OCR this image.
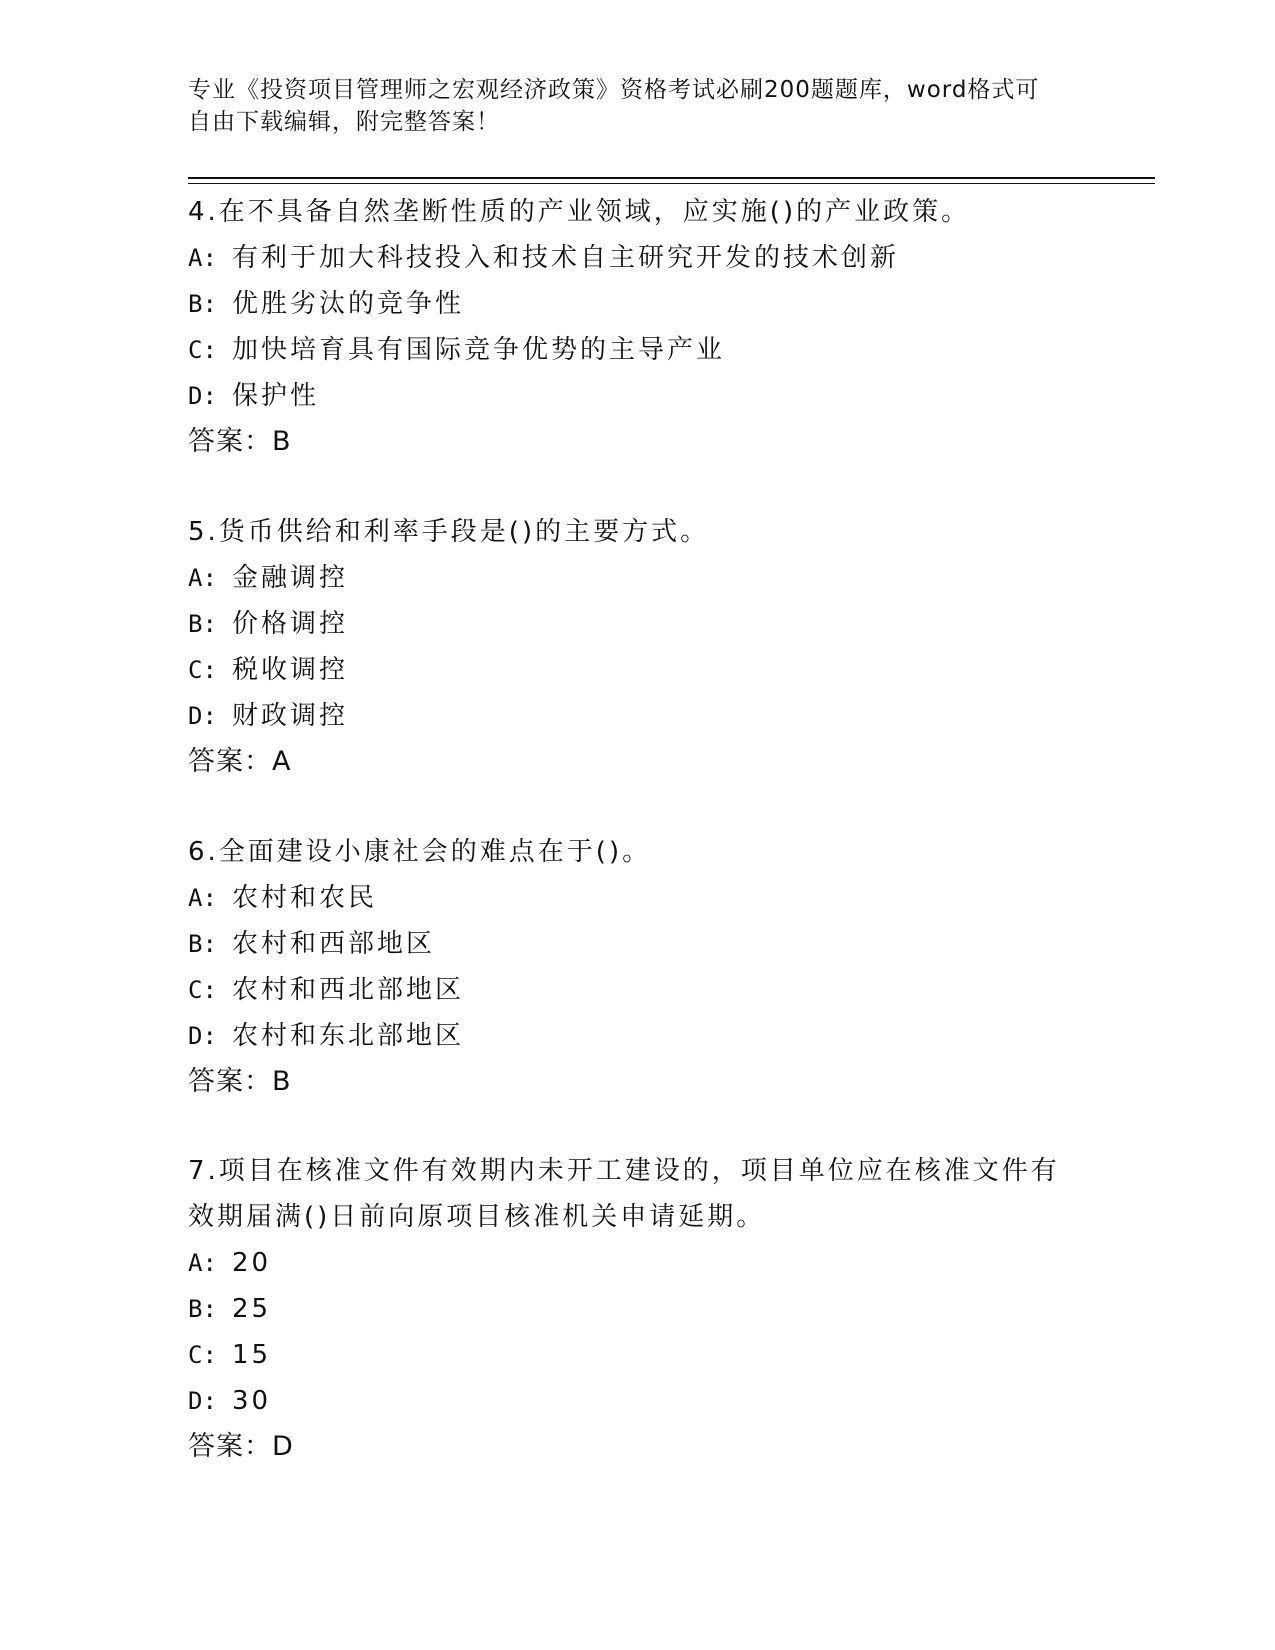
专业《投资项目管理师之宏观经济政策》资格考试必刷200题题库，word格式可
自由下载编辑，附完整答案！

4.在不具备自然垄断性质的产业领域，应实施()的产业政策。

A: 有利于加大科技投入和技术自主研究开发的技术创新

B: 优胜劣汰的竞争性

C: 加快培育具有国际竞争优势的主导产业

D: 保护性

答案：B

5.货币供给和利率手段是()的主要方式。

A: 金融调控

B: 价格调控

C: 税收调控

D: 财政调控

答案：A

6.全面建设小康社会的难点在于()。

A: 农村和农民

B: 农村和西部地区

C: 农村和西北部地区

D: 农村和东北部地区

答案：B

7.项目在核准文件有效期内未开工建设的，项目单位应在核准文件有

效期届满()日前向原项目核准机关申请延期。

A: 20

B: 25

C: 15

D: 30

答案：D
